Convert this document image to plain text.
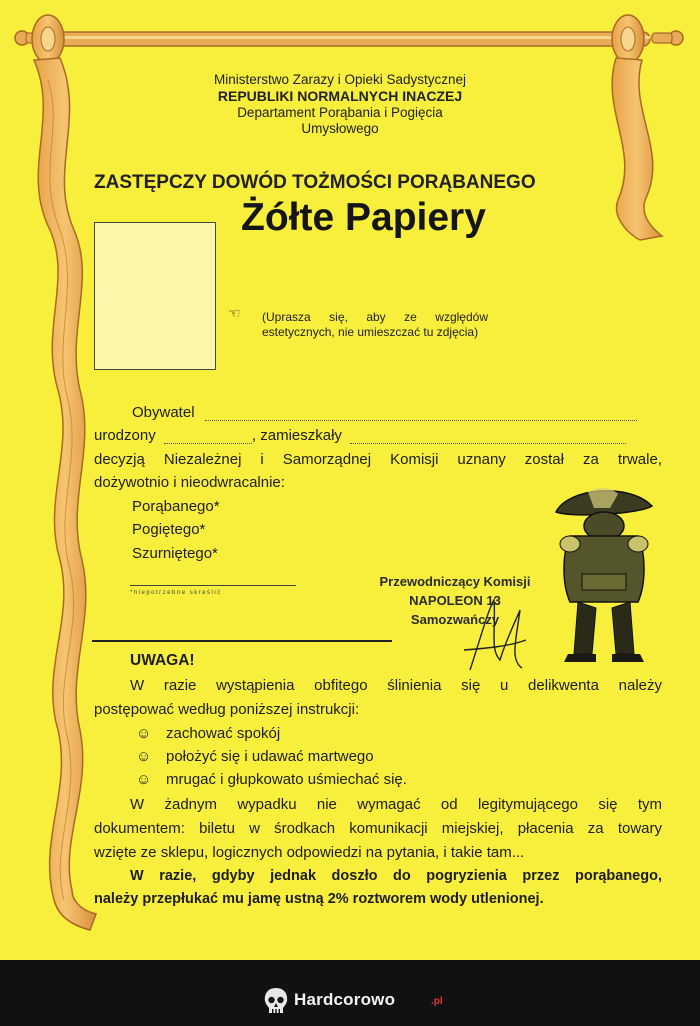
Ministerstwo Zarazy i Opieki Sadystycznej
REPUBLIKI NORMALNYCH INACZEJ
Departament Porąbania i Pogięcia
Umysłowego
ZASTĘPCZY DOWÓD TOŻMOŚCI PORĄBANEGO
Żółte Papiery
☜ (Uprasza się, aby ze względów estetycznych, nie umieszczać tu zdjęcia)
Obywatel
urodzony	, zamieszkały
decyzją Niezależnej i Samorządnej Komisji uznany został za trwale,
dożywotnio i nieodwracalnie:
Porąbanego*
Pogiętego*
Szurniętego*
*niepotrzebne skreślić
Przewodniczący Komisji
NAPOLEON 13
Samozwańczy
UWAGA!
W razie wystąpienia obfitego ślinienia się u delikwenta należy
postępować według poniższej instrukcji:
☺ zachować spokój
☺ położyć się i udawać martwego
☺ mrugać i głupkowato uśmiechać się.
W żadnym wypadku nie wymagać od legitymującego się tym
dokumentem: biletu w środkach komunikacji miejskiej, płacenia za towary
wzięte ze sklepu, logicznych odpowiedzi na pytania, i takie tam...
W razie, gdyby jednak doszło do pogryzienia przez porąbanego,
należy przepłukać mu jamę ustną 2% roztworem wody utlenionej.
Hardcorowo	.pl
